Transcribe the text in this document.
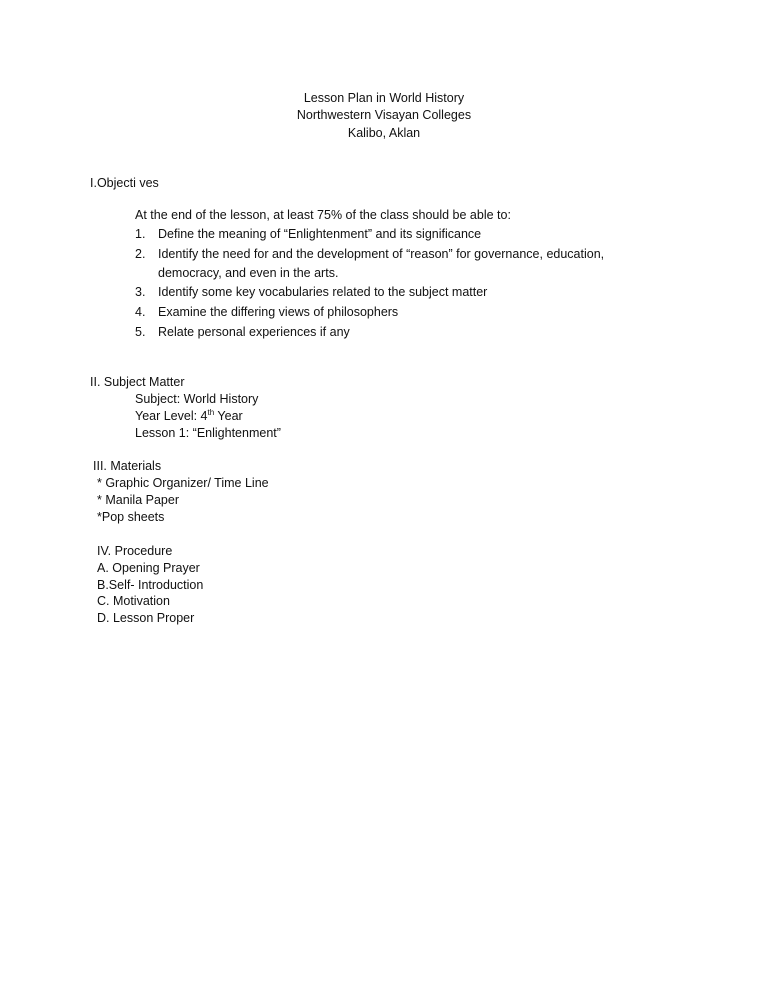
Lesson Plan in World History
Northwestern Visayan Colleges
Kalibo, Aklan
I.Objecti ves
At the end of the lesson, at least 75% of the class should be able to:
1. Define the meaning of “Enlightenment” and its significance
2. Identify the need for and the development of “reason” for governance, education,
democracy, and even in the arts.
3. Identify some key vocabularies related to the subject matter
4. Examine the differing views of philosophers
5. Relate personal experiences if any
II. Subject Matter
Subject: World History
Year Level: 4th Year
Lesson 1: “Enlightenment”
III. Materials
* Graphic Organizer/ Time Line
* Manila Paper
*Pop sheets
IV. Procedure
A. Opening Prayer
B.Self- Introduction
C. Motivation
D. Lesson Proper
